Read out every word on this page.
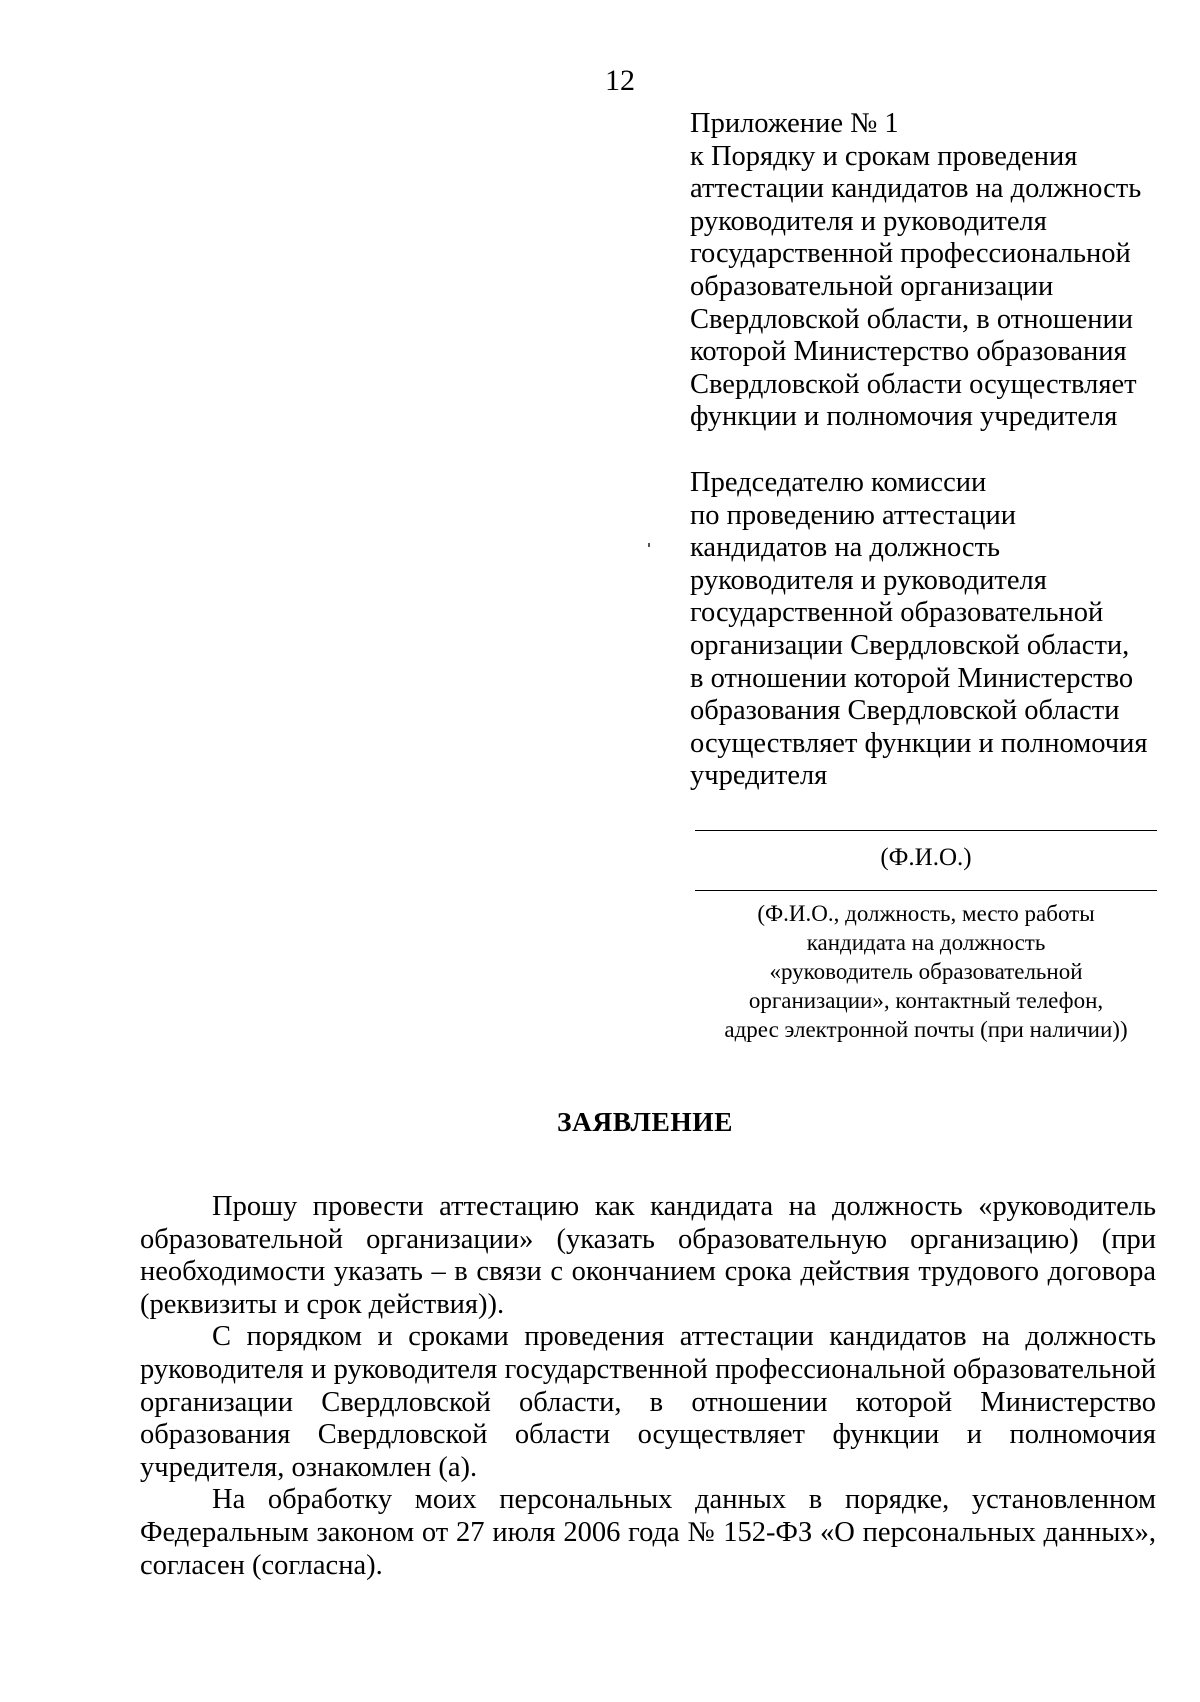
12
Приложение № 1
к Порядку и срокам проведения
аттестации кандидатов на должность
руководителя и руководителя
государственной профессиональной
образовательной организации
Свердловской области, в отношении
которой Министерство образования
Свердловской области осуществляет
функции и полномочия учредителя
Председателю комиссии
по проведению аттестации
кандидатов на должность
руководителя и руководителя
государственной образовательной
организации Свердловской области,
в отношении которой Министерство
образования Свердловской области
осуществляет функции и полномочия
учредителя
(Ф.И.О.)
(Ф.И.О., должность, место работы
кандидата на должность
«руководитель образовательной
организации», контактный телефон,
адрес электронной почты (при наличии))
ЗАЯВЛЕНИЕ

Прошу провести аттестацию как кандидата на должность «руководитель образовательной организации» (указать образовательную организацию) (при необходимости указать – в связи с окончанием срока действия трудового договора (реквизиты и срок действия)).

С порядком и сроками проведения аттестации кандидатов на должность руководителя и руководителя государственной профессиональной образовательной организации Свердловской области, в отношении которой Министерство образования Свердловской области осуществляет функции и полномочия учредителя, ознакомлен (а).

На обработку моих персональных данных в порядке, установленном Федеральным законом от 27 июля 2006 года № 152-ФЗ «О персональных данных», согласен (согласна).
